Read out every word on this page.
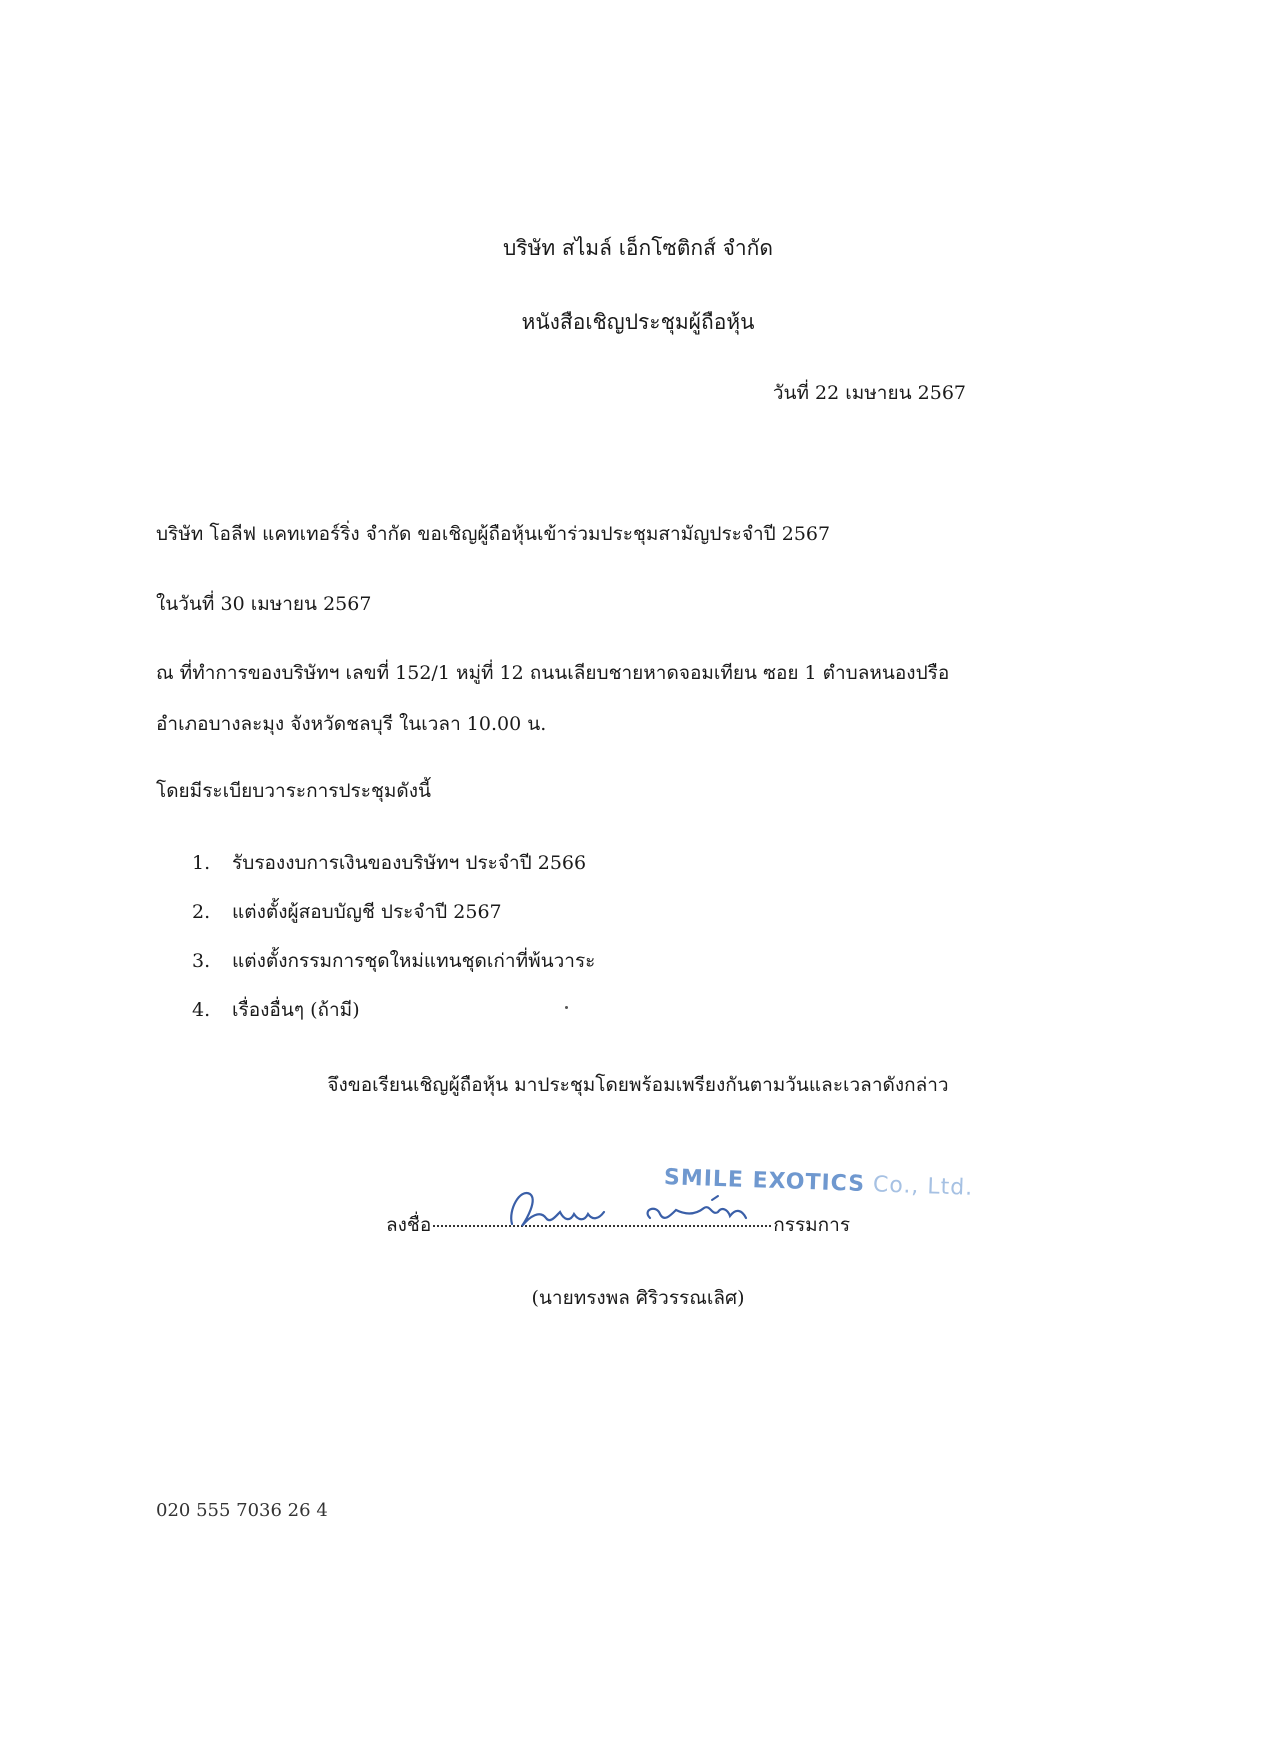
บริษัท สไมล์ เอ็กโซติกส์ จำกัด
หนังสือเชิญประชุมผู้ถือหุ้น
วันที่ 22 เมษายน 2567
บริษัท โอลีฟ แคทเทอร์ริ่ง จำกัด ขอเชิญผู้ถือหุ้นเข้าร่วมประชุมสามัญประจำปี 2567
ในวันที่ 30 เมษายน 2567
ณ ที่ทำการของบริษัทฯ เลขที่ 152/1 หมู่ที่ 12 ถนนเลียบชายหาดจอมเทียน ซอย 1 ตำบลหนองปรือ
อำเภอบางละมุง จังหวัดชลบุรี ในเวลา 10.00 น.
โดยมีระเบียบวาระการประชุมดังนี้
1. รับรองงบการเงินของบริษัทฯ ประจำปี 2566
2. แต่งตั้งผู้สอบบัญชี ประจำปี 2567
3. แต่งตั้งกรรมการชุดใหม่แทนชุดเก่าที่พ้นวาระ
4. เรื่องอื่นๆ (ถ้ามี)
จึงขอเรียนเชิญผู้ถือหุ้น มาประชุมโดยพร้อมเพรียงกันตามวันและเวลาดังกล่าว
SMILE EXOTICS Co., Ltd.
ลงชื่อ	กรรมการ
(นายทรงพล ศิริวรรณเลิศ)
020 555 7036 26 4
